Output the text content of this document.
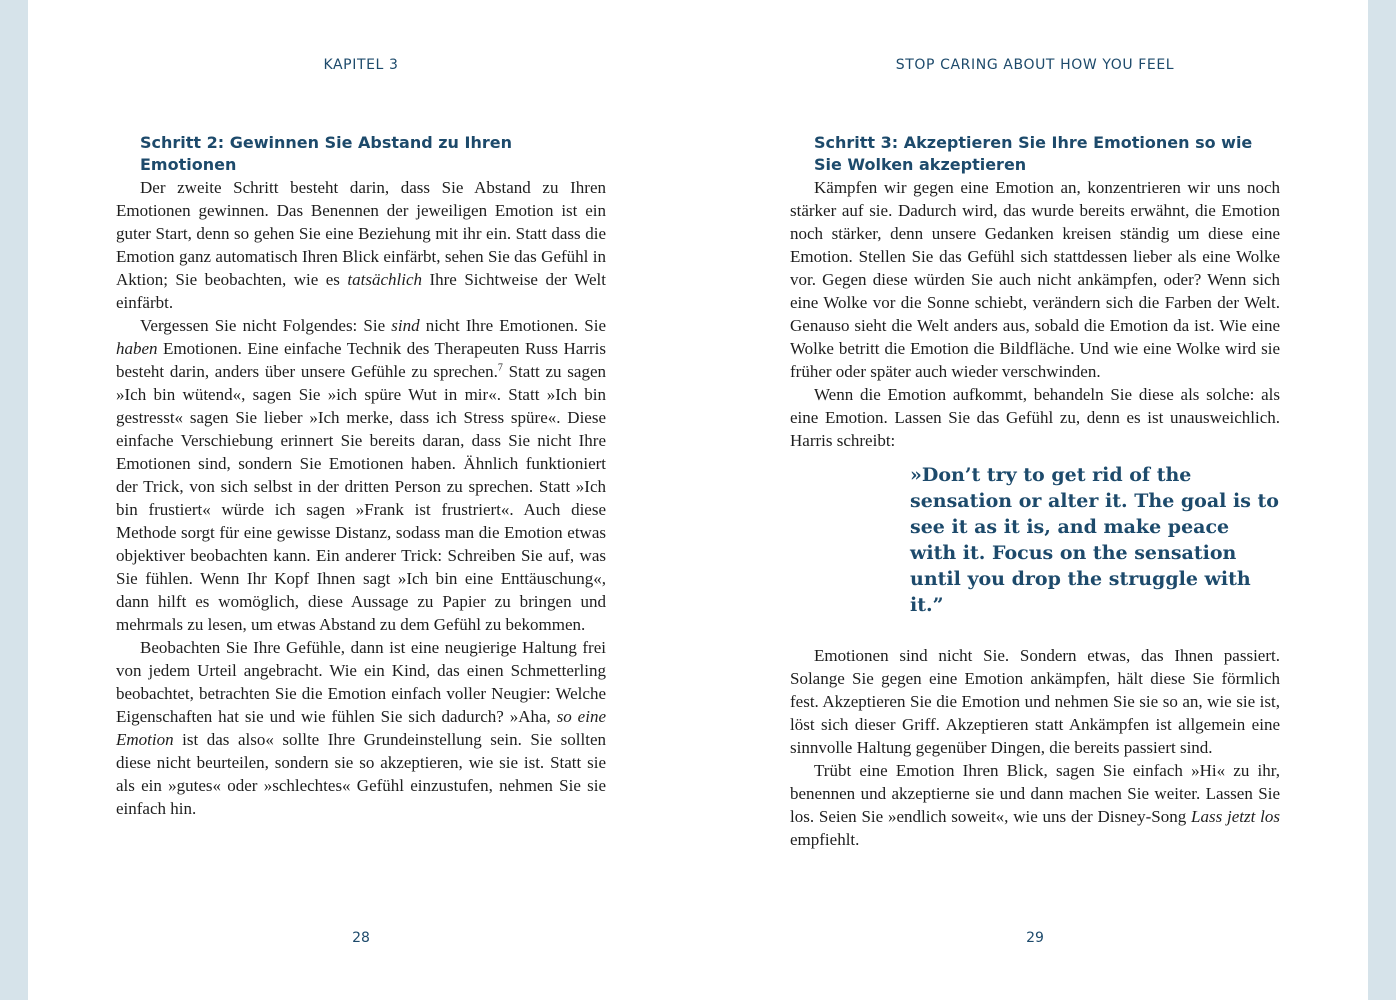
KAPITEL 3
Schritt 2: Gewinnen Sie Abstand zu Ihren Emotionen

Der zweite Schritt besteht darin, dass Sie Abstand zu Ihren Emotionen gewinnen. Das Benennen der jeweiligen Emotion ist ein guter Start, denn so gehen Sie eine Beziehung mit ihr ein. Statt dass die Emotion ganz automatisch Ihren Blick einfärbt, sehen Sie das Gefühl in Aktion; Sie beobachten, wie es tatsächlich Ihre Sichtweise der Welt einfärbt.

Vergessen Sie nicht Folgendes: Sie sind nicht Ihre Emotionen. Sie haben Emotionen. Eine einfache Technik des Therapeuten Russ Harris besteht darin, anders über unsere Gefühle zu sprechen.$^7$ Statt zu sagen »Ich bin wütend«, sagen Sie »ich spüre Wut in mir«. Statt »Ich bin gestresst« sagen Sie lieber »Ich merke, dass ich Stress spüre«. Diese einfache Verschiebung erinnert Sie bereits daran, dass Sie nicht Ihre Emotionen sind, sondern Sie Emotionen haben. Ähnlich funktioniert der Trick, von sich selbst in der dritten Person zu sprechen. Statt »Ich bin frustiert« würde ich sagen »Frank ist frustriert«. Auch diese Methode sorgt für eine gewisse Distanz, sodass man die Emotion etwas objektiver beobachten kann. Ein anderer Trick: Schreiben Sie auf, was Sie fühlen. Wenn Ihr Kopf Ihnen sagt »Ich bin eine Enttäuschung«, dann hilft es womöglich, diese Aussage zu Papier zu bringen und mehrmals zu lesen, um etwas Abstand zu dem Gefühl zu bekommen.

Beobachten Sie Ihre Gefühle, dann ist eine neugierige Haltung frei von jedem Urteil angebracht. Wie ein Kind, das einen Schmetterling beobachtet, betrachten Sie die Emotion einfach voller Neugier: Welche Eigenschaften hat sie und wie fühlen Sie sich dadurch? »Aha, so eine Emotion ist das also« sollte Ihre Grundeinstellung sein. Sie sollten diese nicht beurteilen, sondern sie so akzeptieren, wie sie ist. Statt sie als ein »gutes« oder »schlechtes« Gefühl einzustufen, nehmen Sie sie einfach hin.

28
STOP CARING ABOUT HOW YOU FEEL
Schritt 3: Akzeptieren Sie Ihre Emotionen so wie Sie Wolken akzeptieren

Kämpfen wir gegen eine Emotion an, konzentrieren wir uns noch stärker auf sie. Dadurch wird, das wurde bereits erwähnt, die Emotion noch stärker, denn unsere Gedanken kreisen ständig um diese eine Emotion. Stellen Sie das Gefühl sich stattdessen lieber als eine Wolke vor. Gegen diese würden Sie auch nicht ankämpfen, oder? Wenn sich eine Wolke vor die Sonne schiebt, verändern sich die Farben der Welt. Genauso sieht die Welt anders aus, sobald die Emotion da ist. Wie eine Wolke betritt die Emotion die Bildfläche. Und wie eine Wolke wird sie früher oder später auch wieder verschwinden.

Wenn die Emotion aufkommt, behandeln Sie diese als solche: als eine Emotion. Lassen Sie das Gefühl zu, denn es ist unausweichlich. Harris schreibt:

»Don’t try to get rid of the sensation or alter it. The goal is to see it as it is, and make peace with it. Focus on the sensation until you drop the struggle with it.”

Emotionen sind nicht Sie. Sondern etwas, das Ihnen passiert. Solange Sie gegen eine Emotion ankämpfen, hält diese Sie förmlich fest. Akzeptieren Sie die Emotion und nehmen Sie sie so an, wie sie ist, löst sich dieser Griff. Akzeptieren statt Ankämpfen ist allgemein eine sinnvolle Haltung gegenüber Dingen, die bereits passiert sind.

Trübt eine Emotion Ihren Blick, sagen Sie einfach »Hi« zu ihr, benennen und akzeptierne sie und dann machen Sie weiter. Lassen Sie los. Seien Sie »endlich soweit«, wie uns der Disney-Song Lass jetzt los empfiehlt.

29
